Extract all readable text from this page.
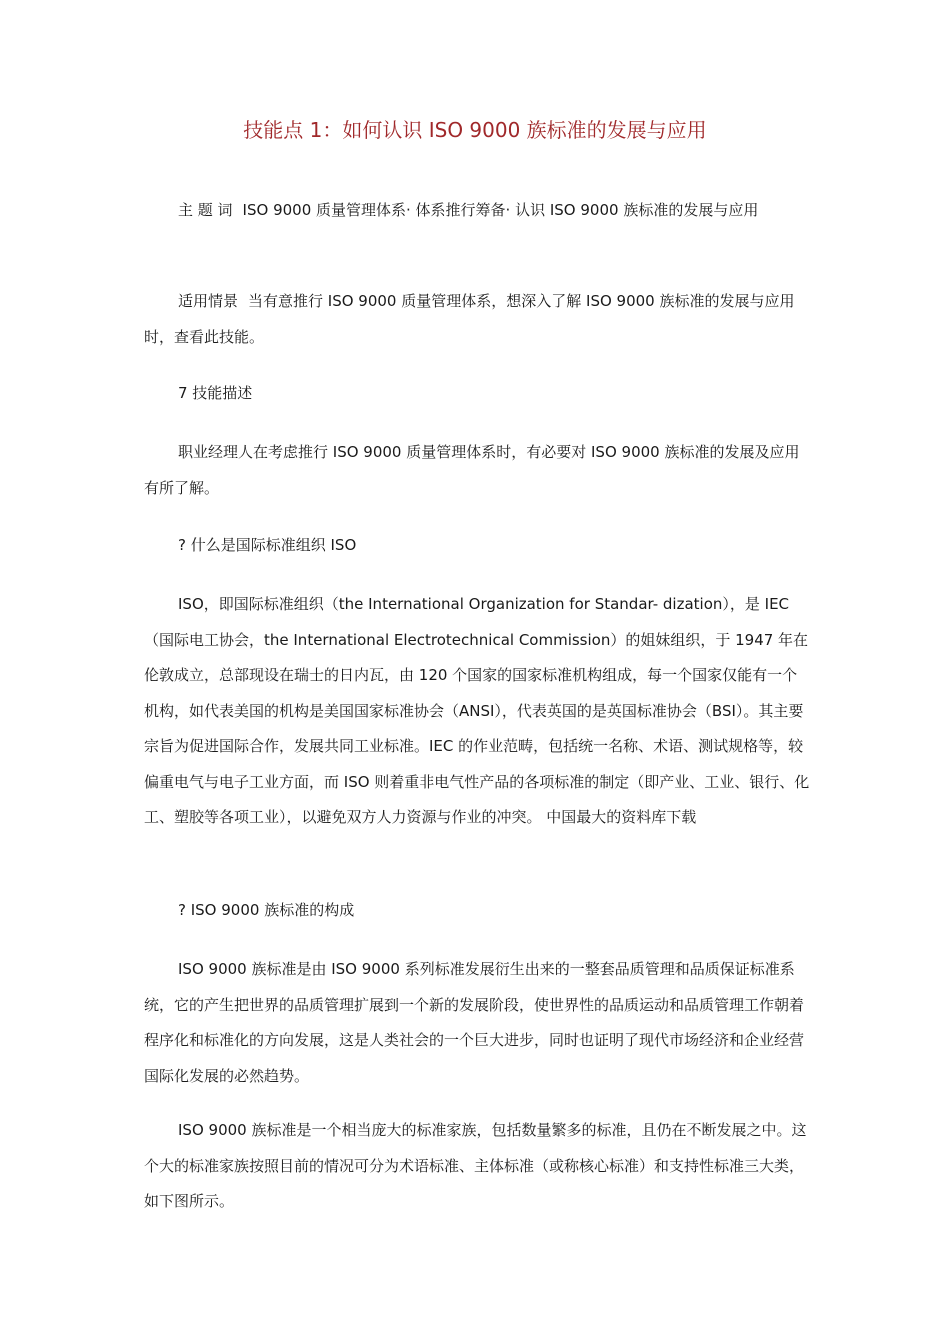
技能点 1：如何认识 ISO 9000 族标准的发展与应用

主 题 词 ISO 9000 质量管理体系· 体系推行筹备· 认识 ISO 9000 族标准的发展与应用

适用情景 当有意推行 ISO 9000 质量管理体系，想深入了解 ISO 9000 族标准的发展与应用时，查看此技能。

7 技能描述

职业经理人在考虑推行 ISO 9000 质量管理体系时，有必要对 ISO 9000 族标准的发展及应用有所了解。

? 什么是国际标准组织 ISO

ISO，即国际标准组织（the International Organization for Standar- dization），是 IEC（国际电工协会，the International Electrotechnical Commission）的姐妹组织，于 1947 年在伦敦成立，总部现设在瑞士的日内瓦，由 120 个国家的国家标准机构组成，每一个国家仅能有一个机构，如代表美国的机构是美国国家标准协会（ANSI），代表英国的是英国标准协会（BSI）。其主要宗旨为促进国际合作，发展共同工业标准。IEC 的作业范畴，包括统一名称、术语、测试规格等，较偏重电气与电子工业方面，而 ISO 则着重非电气性产品的各项标准的制定（即产业、工业、银行、化工、塑胶等各项工业），以避免双方人力资源与作业的冲突。 中国最大的资料库下载

? ISO 9000 族标准的构成

ISO 9000 族标准是由 ISO 9000 系列标准发展衍生出来的一整套品质管理和品质保证标准系统，它的产生把世界的品质管理扩展到一个新的发展阶段，使世界性的品质运动和品质管理工作朝着程序化和标准化的方向发展，这是人类社会的一个巨大进步，同时也证明了现代市场经济和企业经营国际化发展的必然趋势。

ISO 9000 族标准是一个相当庞大的标准家族，包括数量繁多的标准，且仍在不断发展之中。这个大的标准家族按照目前的情况可分为术语标准、主体标准（或称核心标准）和支持性标准三大类，如下图所示。
